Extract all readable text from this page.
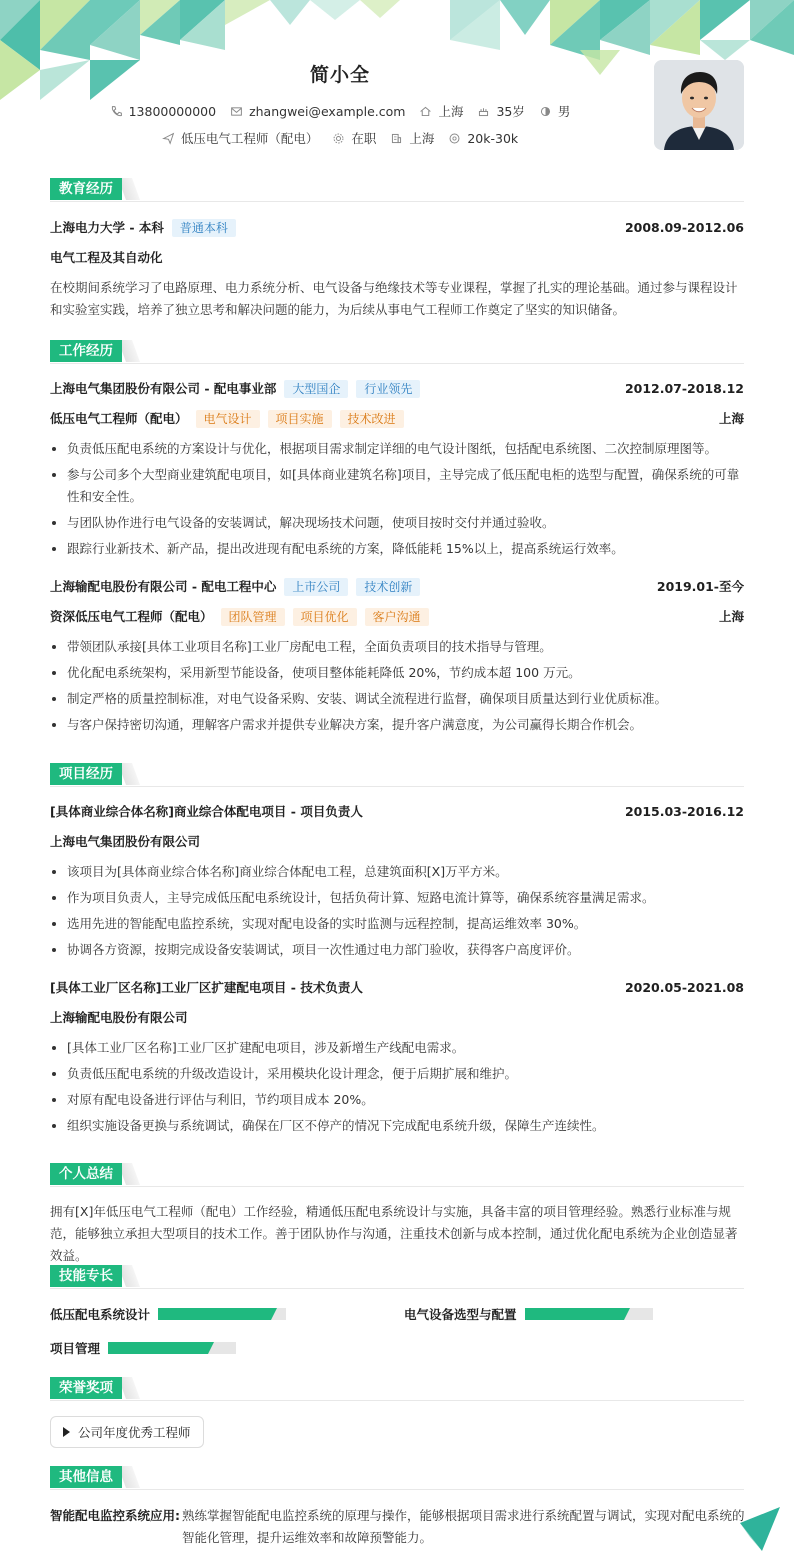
简小全
13800000000	zhangwei@example.com	上海	35岁	男
低压电气工程师（配电）	在职	上海	20k-30k
教育经历
上海电力大学 - 本科	普通本科	2008.09-2012.06
电气工程及其自动化
在校期间系统学习了电路原理、电力系统分析、电气设备与绝缘技术等专业课程，掌握了扎实的理论基础。通过参与课程设计和实验室实践，培养了独立思考和解决问题的能力，为后续从事电气工程师工作奠定了坚实的知识储备。
工作经历
上海电气集团股份有限公司 - 配电事业部	大型国企	行业领先	2012.07-2018.12
低压电气工程师（配电）	电气设计	项目实施	技术改进	上海
负责低压配电系统的方案设计与优化，根据项目需求制定详细的电气设计图纸，包括配电系统图、二次控制原理图等。
参与公司多个大型商业建筑配电项目，如[具体商业建筑名称]项目，主导完成了低压配电柜的选型与配置，确保系统的可靠性和安全性。
与团队协作进行电气设备的安装调试，解决现场技术问题，使项目按时交付并通过验收。
跟踪行业新技术、新产品，提出改进现有配电系统的方案，降低能耗 15%以上，提高系统运行效率。
上海输配电股份有限公司 - 配电工程中心	上市公司	技术创新	2019.01-至今
资深低压电气工程师（配电）	团队管理	项目优化	客户沟通	上海
带领团队承接[具体工业项目名称]工业厂房配电工程，全面负责项目的技术指导与管理。
优化配电系统架构，采用新型节能设备，使项目整体能耗降低 20%，节约成本超 100 万元。
制定严格的质量控制标准，对电气设备采购、安装、调试全流程进行监督，确保项目质量达到行业优质标准。
与客户保持密切沟通，理解客户需求并提供专业解决方案，提升客户满意度，为公司赢得长期合作机会。
项目经历
[具体商业综合体名称]商业综合体配电项目 - 项目负责人	2015.03-2016.12
上海电气集团股份有限公司
该项目为[具体商业综合体名称]商业综合体配电工程，总建筑面积[X]万平方米。
作为项目负责人，主导完成低压配电系统设计，包括负荷计算、短路电流计算等，确保系统容量满足需求。
选用先进的智能配电监控系统，实现对配电设备的实时监测与远程控制，提高运维效率 30%。
协调各方资源，按期完成设备安装调试，项目一次性通过电力部门验收，获得客户高度评价。
[具体工业厂区名称]工业厂区扩建配电项目 - 技术负责人	2020.05-2021.08
上海输配电股份有限公司
[具体工业厂区名称]工业厂区扩建配电项目，涉及新增生产线配电需求。
负责低压配电系统的升级改造设计，采用模块化设计理念，便于后期扩展和维护。
对原有配电设备进行评估与利旧，节约项目成本 20%。
组织实施设备更换与系统调试，确保在厂区不停产的情况下完成配电系统升级，保障生产连续性。
个人总结
拥有[X]年低压电气工程师（配电）工作经验，精通低压配电系统设计与实施，具备丰富的项目管理经验。熟悉行业标准与规范，能够独立承担大型项目的技术工作。善于团队协作与沟通，注重技术创新与成本控制，通过优化配电系统为企业创造显著效益。
技能专长
低压配电系统设计	电气设备选型与配置
项目管理
荣誉奖项
公司年度优秀工程师
其他信息
智能配电监控系统应用: 熟练掌握智能配电监控系统的原理与操作，能够根据项目需求进行系统配置与调试，实现对配电系统的智能化管理，提升运维效率和故障预警能力。
